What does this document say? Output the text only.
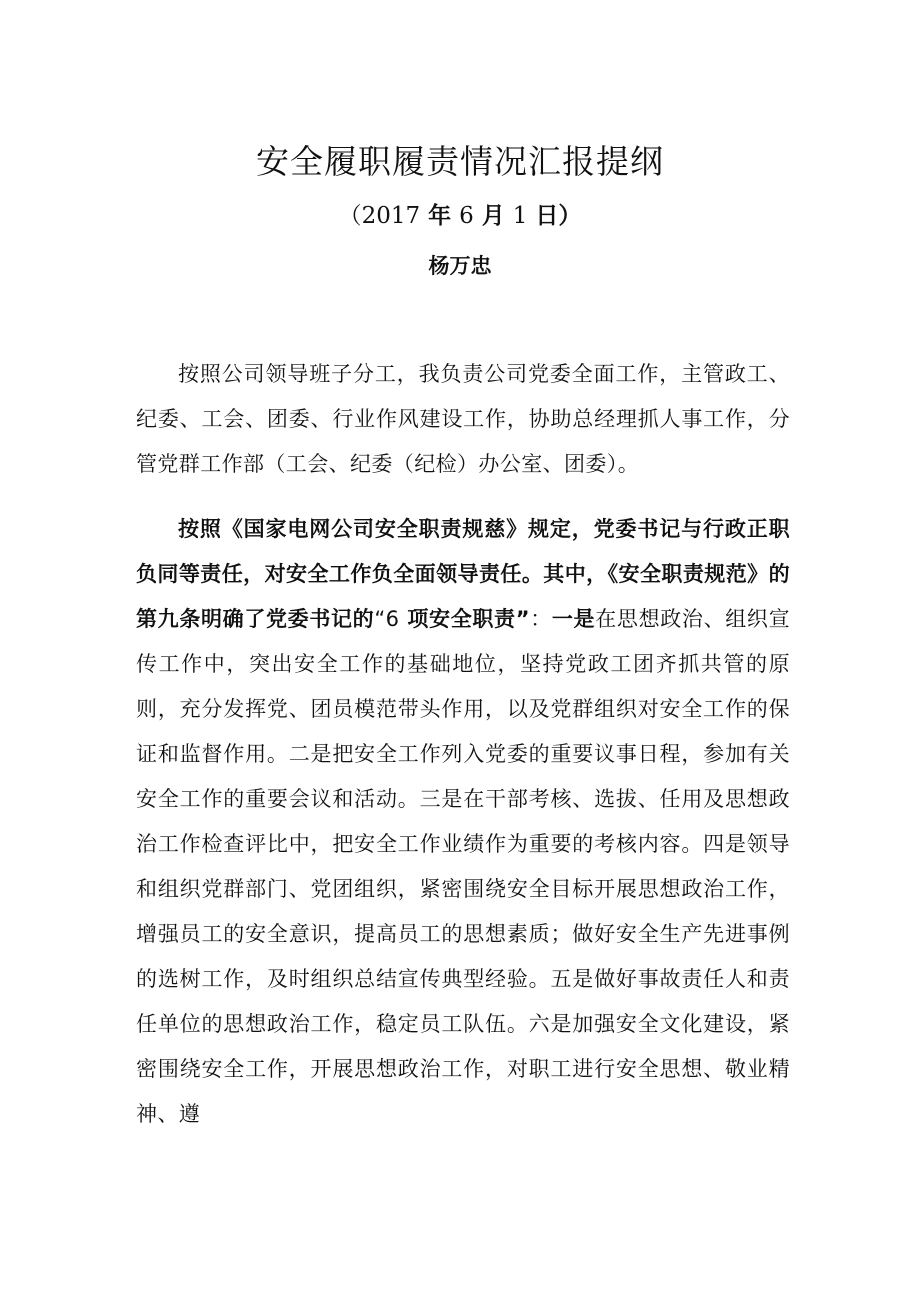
安全履职履责情况汇报提纲
（2017 年 6 月 1 日）
杨万忠

按照公司领导班子分工，我负责公司党委全面工作，主管政工、纪委、工会、团委、行业作风建设工作，协助总经理抓人事工作，分管党群工作部（工会、纪委（纪检）办公室、团委）。

按照《国家电网公司安全职责规慈》规定，党委书记与行政正职负同等责任，对安全工作负全面领导责任。其中，《安全职责规范》的第九条明确了党委书记的“6 项安全职责”：一是在思想政治、组织宣传工作中，突出安全工作的基础地位，坚持党政工团齐抓共管的原则，充分发挥党、团员模范带头作用，以及党群组织对安全工作的保证和监督作用。二是把安全工作列入党委的重要议事日程，参加有关安全工作的重要会议和活动。三是在干部考核、选拔、任用及思想政治工作检查评比中，把安全工作业绩作为重要的考核内容。四是领导和组织党群部门、党团组织，紧密围绕安全目标开展思想政治工作，增强员工的安全意识，提高员工的思想素质；做好安全生产先进事例的选树工作，及时组织总结宣传典型经验。五是做好事故责任人和责任单位的思想政治工作，稳定员工队伍。六是加强安全文化建设，紧密围绕安全工作，开展思想政治工作，对职工进行安全思想、敬业精神、遵
